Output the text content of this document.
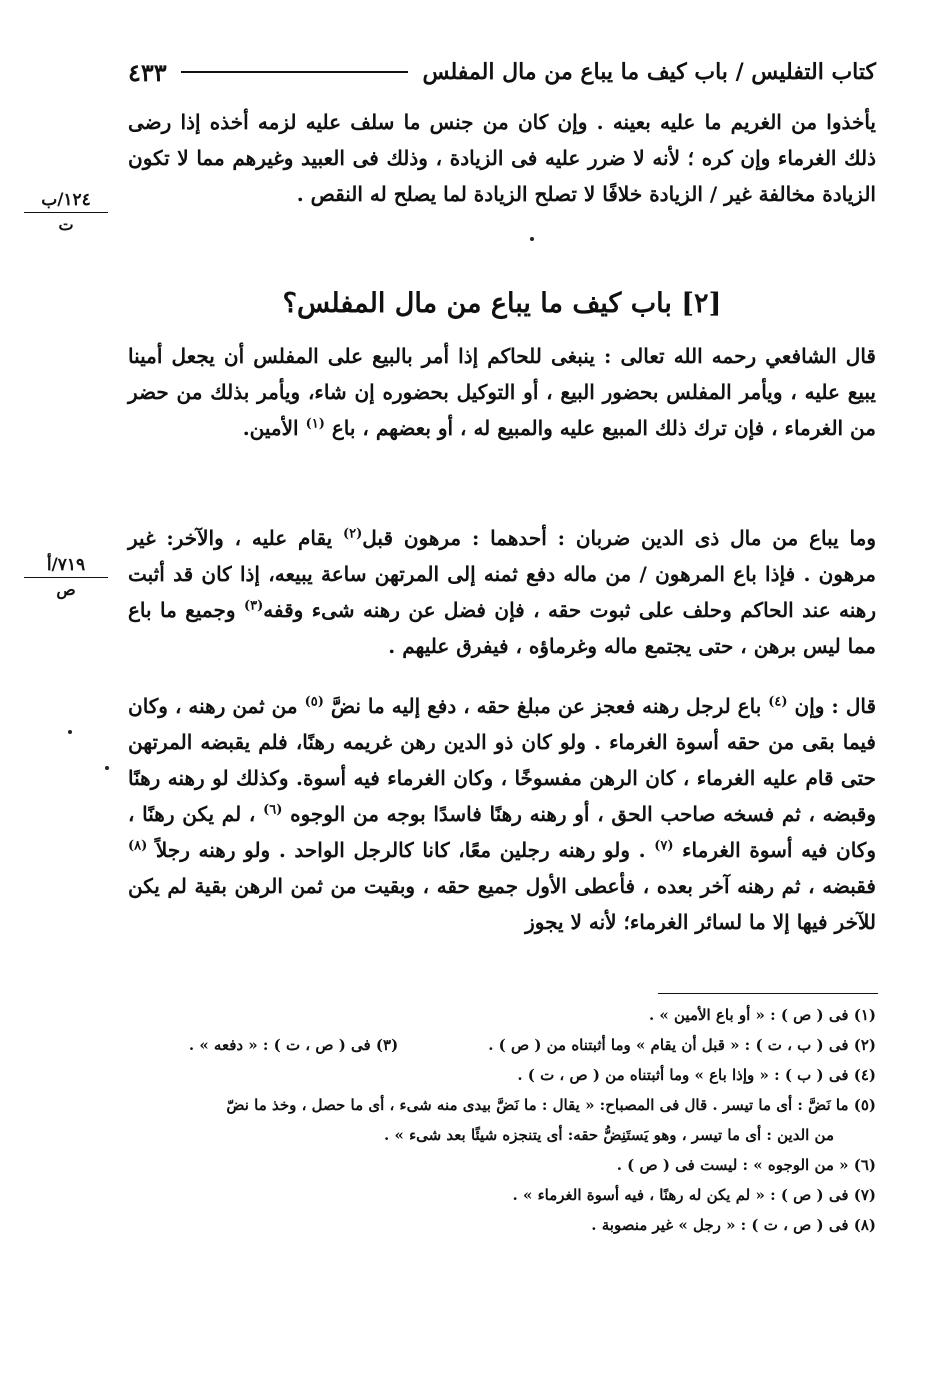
كتاب التفليس / باب كيف ما يباع من مال المفلس
٤٣٣
١٢٤/ب
ت
٧١٩/أ
ص
يأخذوا من الغريم ما عليه بعينه . وإن كان من جنس ما سلف عليه لزمه أخذه إذا رضى ذلك الغرماء وإن كره ؛ لأنه لا ضرر عليه فى الزيادة ، وذلك فى العبيد وغيرهم مما لا تكون الزيادة مخالفة غير / الزيادة خلافًا لا تصلح الزيادة لما يصلح له النقص .
[٢] باب كيف ما يباع من مال المفلس؟
قال الشافعي رحمه الله تعالى : ينبغى للحاكم إذا أمر بالبيع على المفلس أن يجعل أمينا يبيع عليه ، ويأمر المفلس بحضور البيع ، أو التوكيل بحضوره إن شاء، ويأمر بذلك من حضر من الغرماء ، فإن ترك ذلك المبيع عليه والمبيع له ، أو بعضهم ، باع $^{(١)}$ الأمين.
وما يباع من مال ذى الدين ضربان : أحدهما : مرهون قبل$^{(٢)}$ يقام عليه ، والآخر: غير مرهون . فإذا باع المرهون / من ماله دفع ثمنه إلى المرتهن ساعة يبيعه، إذا كان قد أثبت رهنه عند الحاكم وحلف على ثبوت حقه ، فإن فضل عن رهنه شىء وقفه$^{(٣)}$ وجميع ما باع مما ليس برهن ، حتى يجتمع ماله وغرماؤه ، فيفرق عليهم .
قال : وإن $^{(٤)}$ باع لرجل رهنه فعجز عن مبلغ حقه ، دفع إليه ما نضَّ $^{(٥)}$ من ثمن رهنه ، وكان فيما بقى من حقه أسوة الغرماء . ولو كان ذو الدين رهن غريمه رهنًا، فلم يقبضه المرتهن حتى قام عليه الغرماء ، كان الرهن مفسوخًا ، وكان الغرماء فيه أسوة. وكذلك لو رهنه رهنًا وقبضه ، ثم فسخه صاحب الحق ، أو رهنه رهنًا فاسدًا بوجه من الوجوه $^{(٦)}$ ، لم يكن رهنًا ، وكان فيه أسوة الغرماء $^{(٧)}$ . ولو رهنه رجلين معًا، كانا كالرجل الواحد . ولو رهنه رجلاً $^{(٨)}$ فقبضه ، ثم رهنه آخر بعده ، فأعطى الأول جميع حقه ، وبقيت من ثمن الرهن بقية لم يكن للآخر فيها إلا ما لسائر الغرماء؛ لأنه لا يجوز
(١) فى ( ص ) : « أو باع الأمين » .
(٢) فى ( ب ، ت ) : « قبل أن يقام » وما أثبتناه من ( ص ) .
(٣) فى ( ص ، ت ) : « دفعه » .
(٤) فى ( ب ) : « وإذا باع » وما أثبتناه من ( ص ، ت ) .
(٥) ما نَضَّ : أى ما تيسر . قال فى المصباح: « يقال : ما نَضَّ بيدى منه شىء ، أى ما حصل ، وخذ ما نضّ
من الدين : أى ما تيسر ، وهو يَستَنِضُّ حقه: أى يتنجزه شيئًا بعد شىء » .
(٦) « من الوجوه » : ليست فى ( ص ) .
(٧) فى ( ص ) : « لم يكن له رهنًا ، فيه أسوة الغرماء » .
(٨) فى ( ص ، ت ) : « رجل » غير منصوبة .
